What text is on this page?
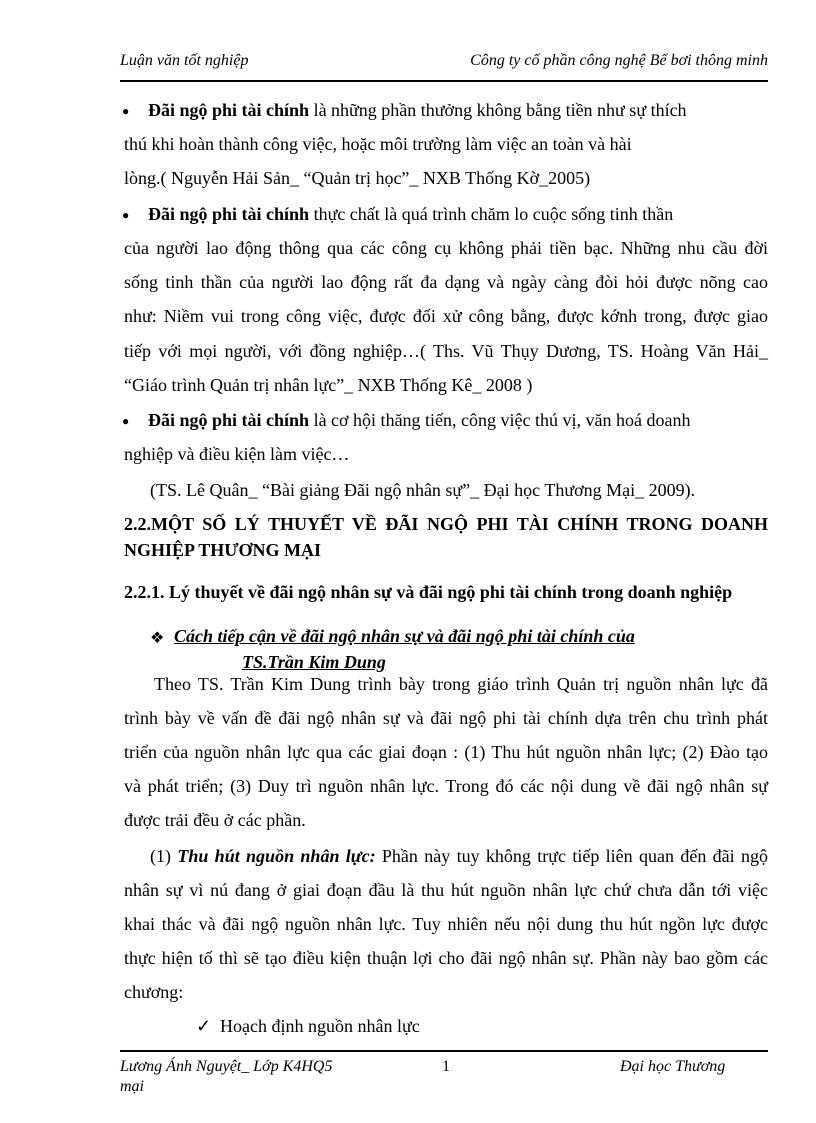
Luận văn tốt nghiệp	Công ty cổ phần công nghệ Bể bơi thông minh
● Đãi ngộ phi tài chính là những phần thưởng không bằng tiền như sự thích
thú khi hoàn thành công việc, hoặc môi trường làm việc an toàn và hài
lòng.( Nguyễn Hải Sản_ “Quản trị học”_ NXB Thống Kờ_2005)
● Đãi ngộ phi tài chính thực chất là quá trình chăm lo cuộc sống tinh thần
của người lao động thông qua các công cụ không phải tiền bạc. Những nhu cầu đời
sống tinh thần của người lao động rất đa dạng và ngày càng đòi hỏi được nõng cao
như: Niềm vui trong công việc, được đối xử công bằng, được kớnh trong, được giao
tiếp với mọi người, với đồng nghiệp…( Ths. Vũ Thụy Dương, TS. Hoàng Văn Hải_
“Giáo trình Quản trị nhân lực”_ NXB Thống Kê_ 2008 )
● Đãi ngộ phi tài chính là cơ hội thăng tiến, công việc thú vị, văn hoá doanh
nghiệp và điều kiện làm việc…
(TS. Lê Quân_ “Bài giảng Đãi ngộ nhân sự”_ Đại học Thương Mại_ 2009).
2.2.MỘT SỐ LÝ THUYẾT VỀ ĐÃI NGỘ PHI TÀI CHÍNH TRONG DOANH
NGHIỆP THƯƠNG MẠI
2.2.1. Lý thuyết về đãi ngộ nhân sự và đãi ngộ phi tài chính trong doanh nghiệp
❖ Cách tiếp cận về đãi ngộ nhân sự và đãi ngộ phi tài chính của
TS.Trần Kim Dung
Theo TS. Trần Kim Dung trình bày trong giáo trình Quản trị nguồn nhân lực đã
trình bày về vấn đề đãi ngộ nhân sự và đãi ngộ phi tài chính dựa trên chu trình phát
triển của nguồn nhân lực qua các giai đoạn : (1) Thu hút nguồn nhân lực; (2) Đào tạo
và phát triển; (3) Duy trì nguồn nhân lực. Trong đó các nội dung về đãi ngộ nhân sự
được trải đều ở các phần.
(1) Thu hút nguồn nhân lực: Phần này tuy không trực tiếp liên quan đến đãi ngộ
nhân sự vì nú đang ở giai đoạn đầu là thu hút nguồn nhân lực chứ chưa dẫn tới việc
khai thác và đãi ngộ nguồn nhân lực. Tuy nhiên nếu nội dung thu hút ngồn lực được
thực hiện tố thì sẽ tạo điều kiện thuận lợi cho đãi ngộ nhân sự. Phần này bao gồm các
chương:
✓ Hoạch định nguồn nhân lực
Lương Ánh Nguyệt_ Lớp K4HQ5
mại
1	Đại học Thương
